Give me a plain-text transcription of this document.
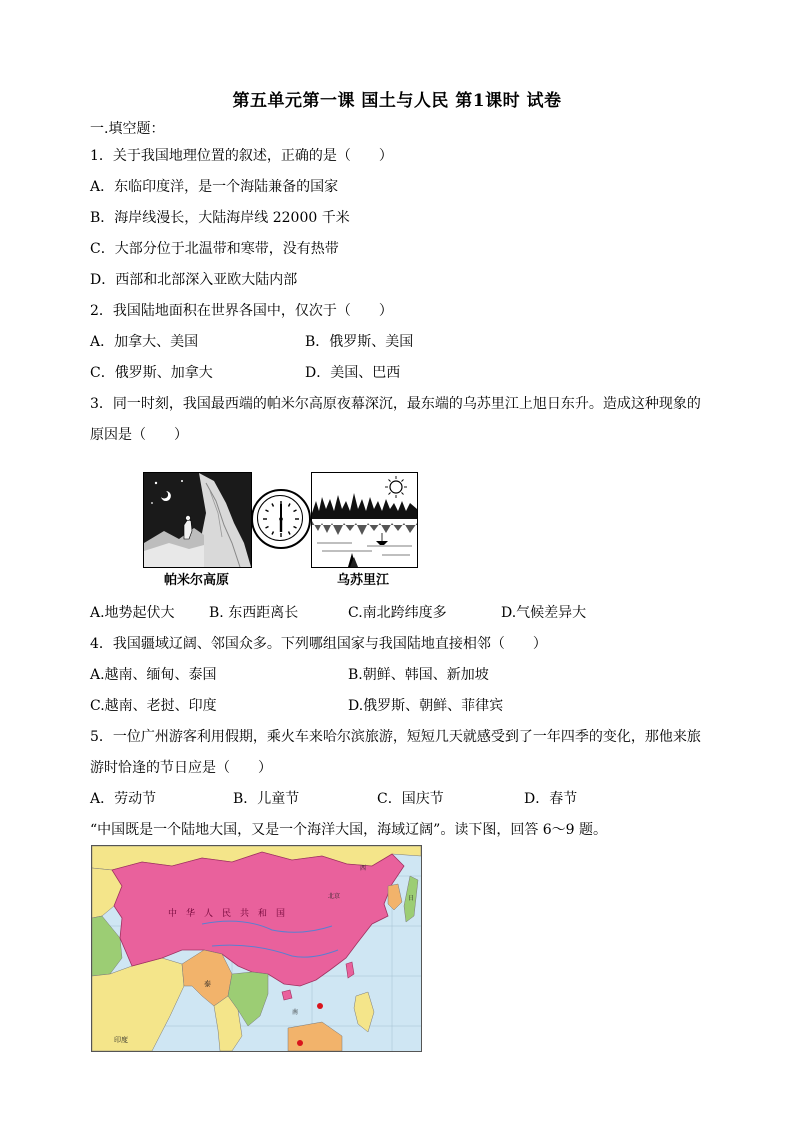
第五单元第一课 国土与人民 第1课时 试卷
一.填空题：
1．关于我国地理位置的叙述，正确的是（　　）
A．东临印度洋，是一个海陆兼备的国家
B．海岸线漫长，大陆海岸线 22000 千米
C．大部分位于北温带和寒带，没有热带
D．西部和北部深入亚欧大陆内部
2．我国陆地面积在世界各国中，仅次于（　　）
A．加拿大、美国	B．俄罗斯、美国
C．俄罗斯、加拿大	D．美国、巴西
3．同一时刻，我国最西端的帕米尔高原夜幕深沉，最东端的乌苏里江上旭日东升。造成这种现象的
原因是（　　）
帕米尔高原	乌苏里江
A.地势起伏大 B. 东西距离长	C.南北跨纬度多	D.气候差异大
4．我国疆域辽阔、邻国众多。下列哪组国家与我国陆地直接相邻（　　）
A.越南、缅甸、泰国	B.朝鲜、韩国、新加坡
C.越南、老挝、印度	D.俄罗斯、朝鲜、菲律宾
5．一位广州游客利用假期，乘火车来哈尔滨旅游，短短几天就感受到了一年四季的变化，那他来旅
游时恰逢的节日应是（　　）
A．劳动节	B．儿童节	C．国庆节	D．春节
“中国既是一个陆地大国，又是一个海洋大国，海域辽阔”。读下图，回答 6～9 题。
中　华　人　民　共　和　国
北京
西
印度
南
泰
日
